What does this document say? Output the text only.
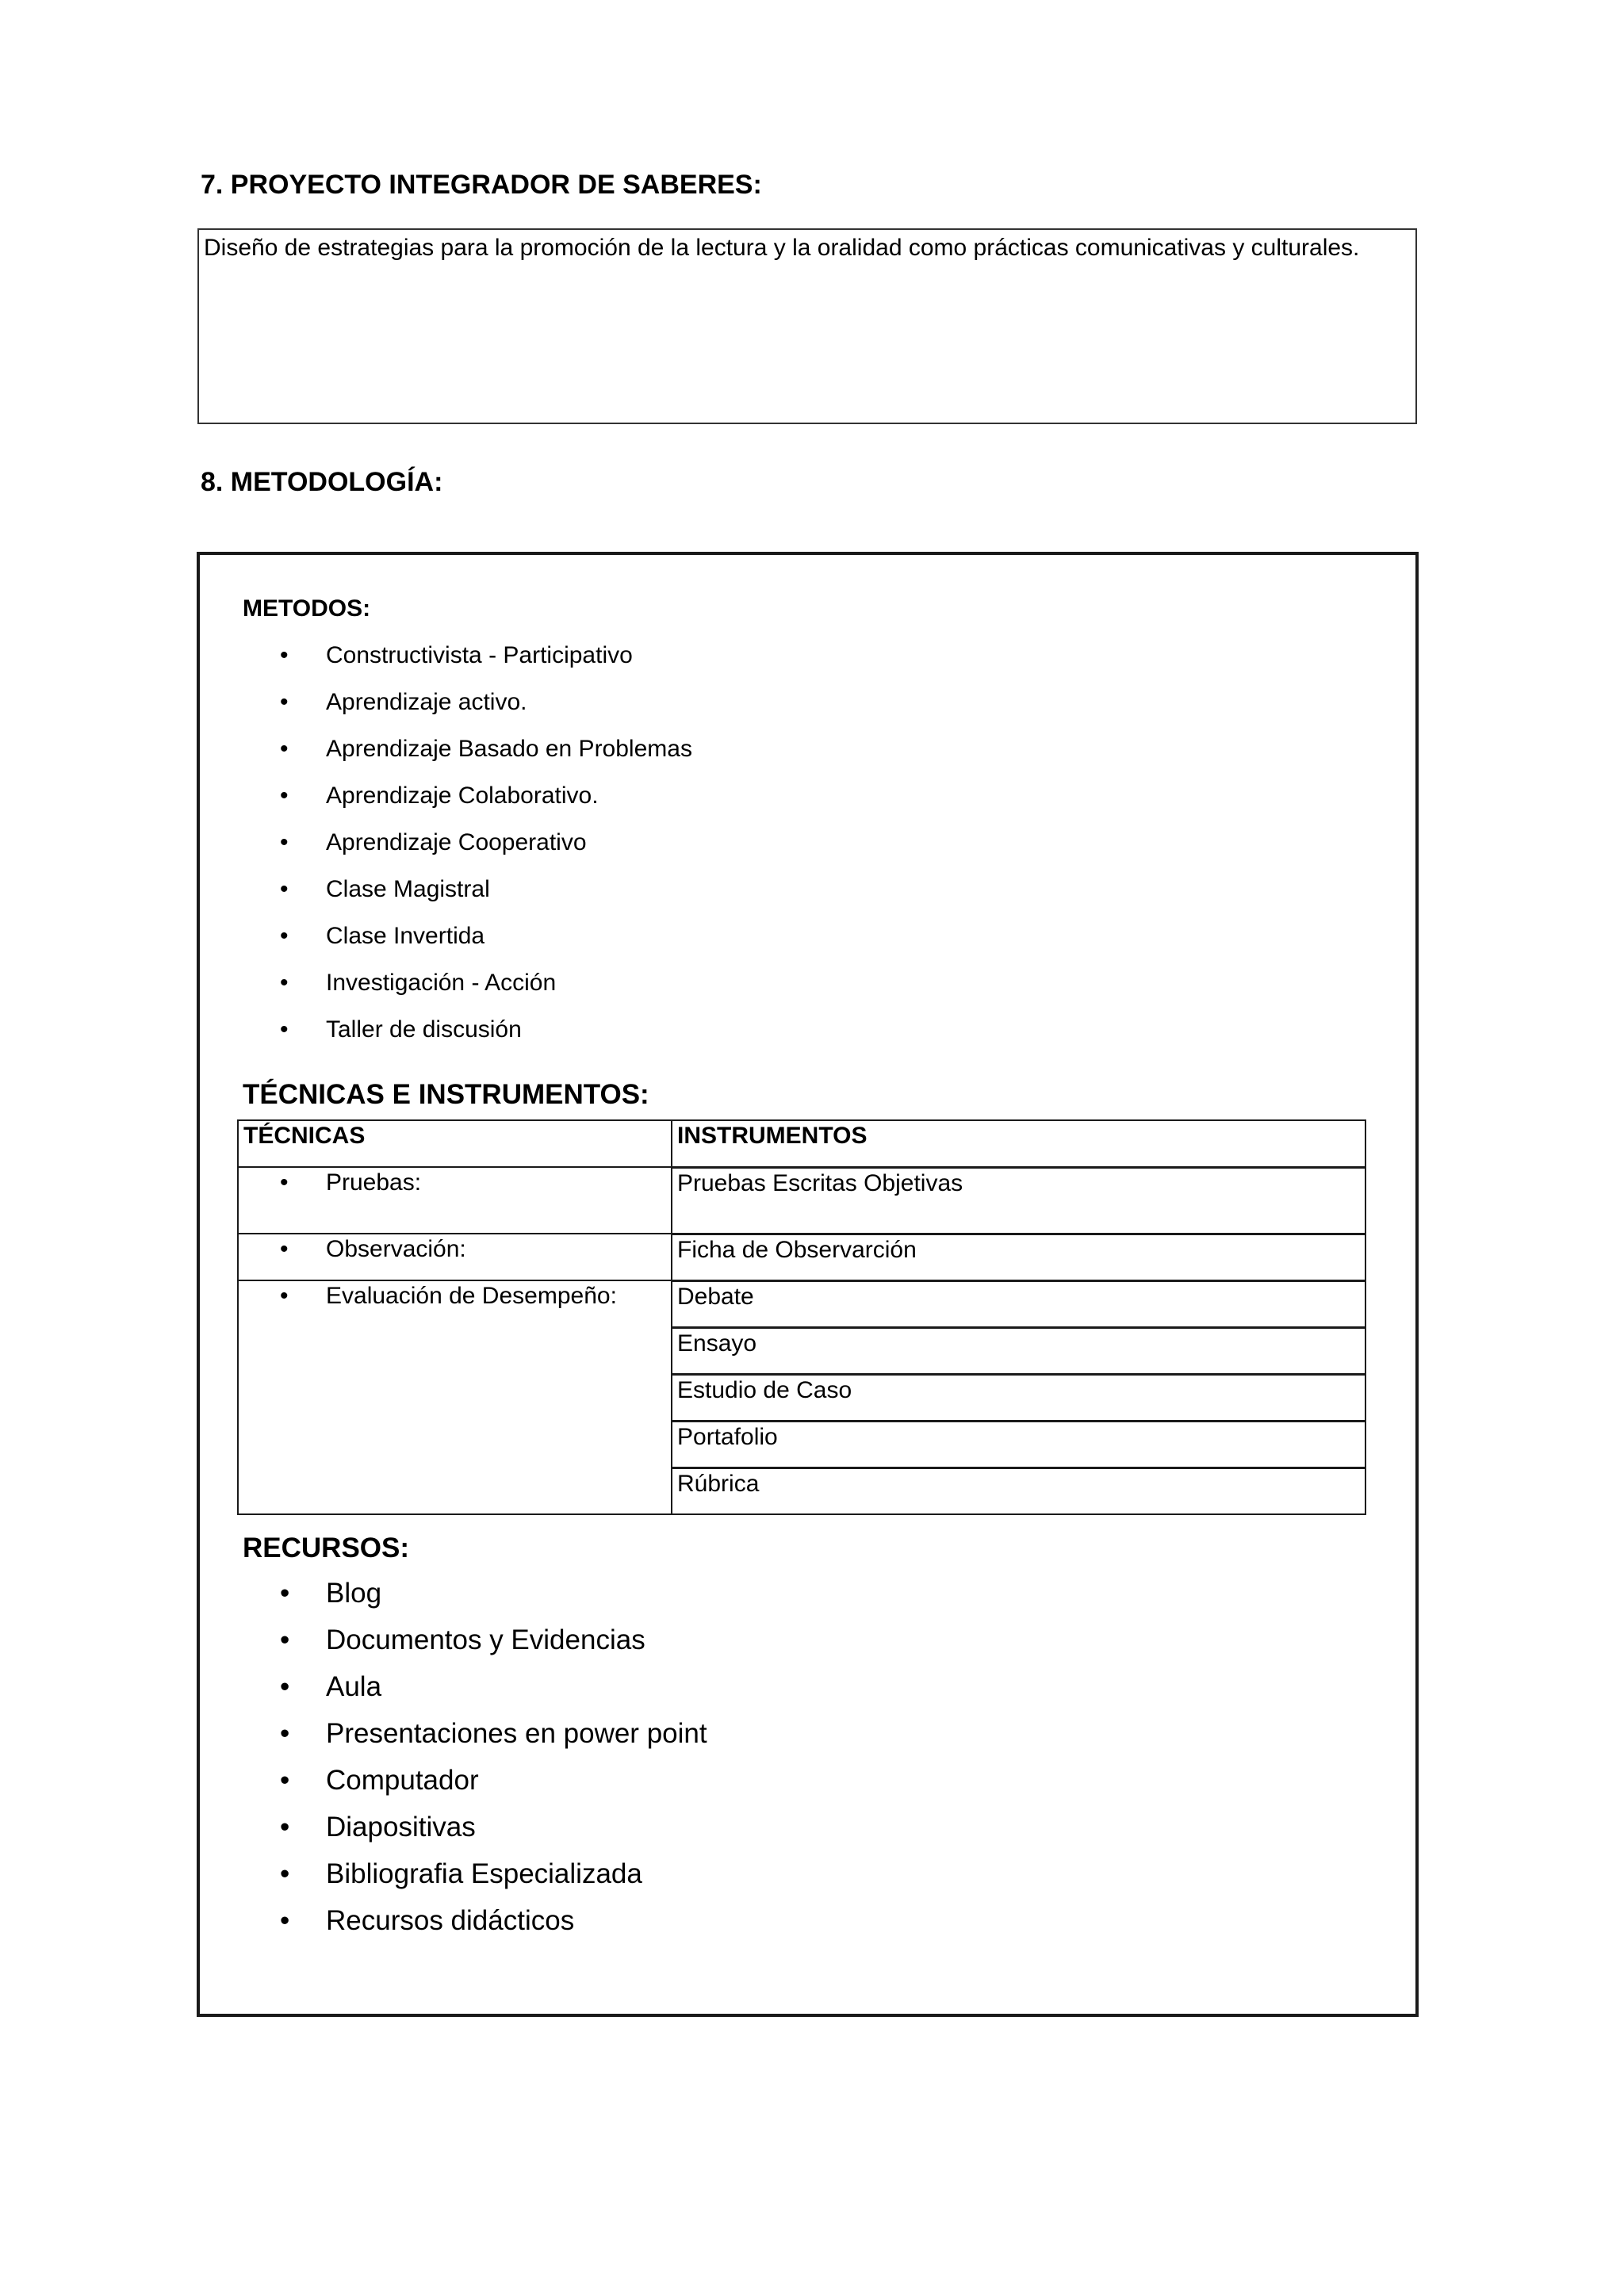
7. PROYECTO INTEGRADOR DE SABERES:
Diseño de estrategias para la promoción de la lectura y la oralidad como prácticas comunicativas y culturales.
8. METODOLOGÍA:
METODOS:
• Constructivista - Participativo
• Aprendizaje activo.
• Aprendizaje Basado en Problemas
• Aprendizaje Colaborativo.
• Aprendizaje Cooperativo
• Clase Magistral
• Clase Invertida
• Investigación - Acción
• Taller de discusión
TÉCNICAS E INSTRUMENTOS:
TÉCNICAS	INSTRUMENTOS

• Pruebas:	Pruebas Escritas Objetivas

• Observación:	Ficha de Observarción

• Evaluación de Desempeño:	Debate
	Ensayo
	Estudio de Caso
	Portafolio
	Rúbrica
RECURSOS:
• Blog
• Documentos y Evidencias
• Aula
• Presentaciones en power point
• Computador
• Diapositivas
• Bibliografia Especializada
• Recursos didácticos
